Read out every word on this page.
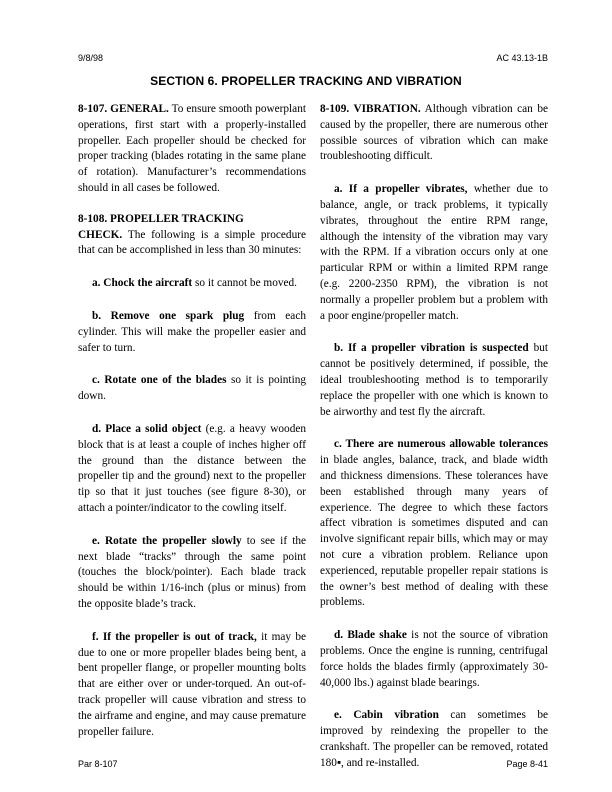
9/8/98	AC 43.13-1B
SECTION 6. PROPELLER TRACKING AND VIBRATION

8-107. GENERAL. To ensure smooth powerplant operations, first start with a properly-installed propeller. Each propeller should be checked for proper tracking (blades rotating in the same plane of rotation). Manufacturer’s recommendations should in all cases be followed.

8-108. PROPELLER TRACKING
CHECK. The following is a simple procedure that can be accomplished in less than 30 minutes:

a. Chock the aircraft so it cannot be moved.

b. Remove one spark plug from each cylinder. This will make the propeller easier and safer to turn.

c. Rotate one of the blades so it is pointing down.

d. Place a solid object (e.g. a heavy wooden block that is at least a couple of inches higher off the ground than the distance between the propeller tip and the ground) next to the propeller tip so that it just touches (see figure 8-30), or attach a pointer/indicator to the cowling itself.

e. Rotate the propeller slowly to see if the next blade “tracks” through the same point (touches the block/pointer). Each blade track should be within 1/16-inch (plus or minus) from the opposite blade’s track.

f. If the propeller is out of track, it may be due to one or more propeller blades being bent, a bent propeller flange, or propeller mounting bolts that are either over or under-torqued. An out-of-track propeller will cause vibration and stress to the airframe and engine, and may cause premature propeller failure.

8-109. VIBRATION. Although vibration can be caused by the propeller, there are numerous other possible sources of vibration which can make troubleshooting difficult.

a. If a propeller vibrates, whether due to balance, angle, or track problems, it typically vibrates, throughout the entire RPM range, although the intensity of the vibration may vary with the RPM. If a vibration occurs only at one particular RPM or within a limited RPM range (e.g. 2200-2350 RPM), the vibration is not normally a propeller problem but a problem with a poor engine/propeller match.

b. If a propeller vibration is suspected but cannot be positively determined, if possible, the ideal troubleshooting method is to temporarily replace the propeller with one which is known to be airworthy and test fly the aircraft.

c. There are numerous allowable tolerances in blade angles, balance, track, and blade width and thickness dimensions. These tolerances have been established through many years of experience. The degree to which these factors affect vibration is sometimes disputed and can involve significant repair bills, which may or may not cure a vibration problem. Reliance upon experienced, reputable propeller repair stations is the owner’s best method of dealing with these problems.

d. Blade shake is not the source of vibration problems. Once the engine is running, centrifugal force holds the blades firmly (approximately 30-40,000 lbs.) against blade bearings.

e. Cabin vibration can sometimes be improved by reindexing the propeller to the crankshaft. The propeller can be removed, rotated 180▪, and re-installed.

Par 8-107	Page 8-41
